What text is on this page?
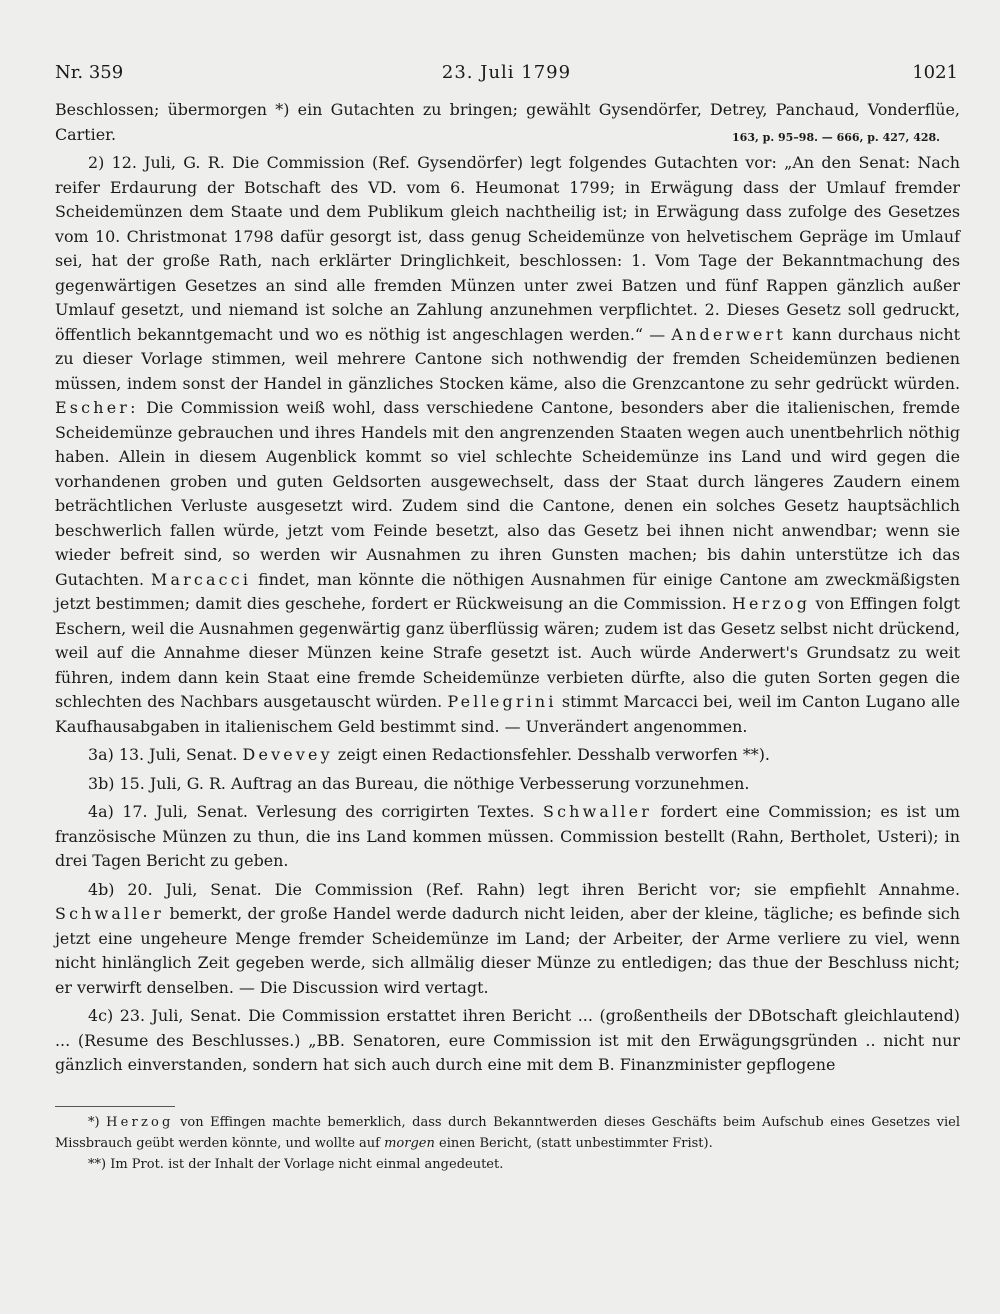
Nr. 359	23. Juli 1799	1021

Beschlossen; übermorgen *) ein Gutachten zu bringen; gewählt Gysendörfer, Detrey, Panchaud, Vonderflüe, Cartier.	163, p. 95–98. — 666, p. 427, 428.

2) 12. Juli, G. R. Die Commission (Ref. Gysendörfer) legt folgendes Gutachten vor: „An den Senat: Nach reifer Erdaurung der Botschaft des VD. vom 6. Heumonat 1799; in Erwägung dass der Umlauf fremder Scheidemünzen dem Staate und dem Publikum gleich nachtheilig ist; in Erwägung dass zufolge des Gesetzes vom 10. Christmonat 1798 dafür gesorgt ist, dass genug Scheidemünze von helvetischem Gepräge im Umlauf sei, hat der große Rath, nach erklärter Dringlichkeit, beschlossen: 1. Vom Tage der Bekanntmachung des gegenwärtigen Gesetzes an sind alle fremden Münzen unter zwei Batzen und fünf Rappen gänzlich außer Umlauf gesetzt, und niemand ist solche an Zahlung anzunehmen verpflichtet. 2. Dieses Gesetz soll gedruckt, öffentlich bekanntgemacht und wo es nöthig ist angeschlagen werden.“ — Anderwert kann durchaus nicht zu dieser Vorlage stimmen, weil mehrere Cantone sich nothwendig der fremden Scheidemünzen bedienen müssen, indem sonst der Handel in gänzliches Stocken käme, also die Grenzcantone zu sehr gedrückt würden. Escher: Die Commission weiß wohl, dass verschiedene Cantone, besonders aber die italienischen, fremde Scheidemünze gebrauchen und ihres Handels mit den angrenzenden Staaten wegen auch unentbehrlich nöthig haben. Allein in diesem Augenblick kommt so viel schlechte Scheidemünze ins Land und wird gegen die vorhandenen groben und guten Geldsorten ausgewechselt, dass der Staat durch längeres Zaudern einem beträchtlichen Verluste ausgesetzt wird. Zudem sind die Cantone, denen ein solches Gesetz hauptsächlich beschwerlich fallen würde, jetzt vom Feinde besetzt, also das Gesetz bei ihnen nicht anwendbar; wenn sie wieder befreit sind, so werden wir Ausnahmen zu ihren Gunsten machen; bis dahin unterstütze ich das Gutachten. Marcacci findet, man könnte die nöthigen Ausnahmen für einige Cantone am zweckmäßigsten jetzt bestimmen; damit dies geschehe, fordert er Rückweisung an die Commission. Herzog von Effingen folgt Eschern, weil die Ausnahmen gegenwärtig ganz überflüssig wären; zudem ist das Gesetz selbst nicht drückend, weil auf die Annahme dieser Münzen keine Strafe gesetzt ist. Auch würde Anderwert's Grundsatz zu weit führen, indem dann kein Staat eine fremde Scheidemünze verbieten dürfte, also die guten Sorten gegen die schlechten des Nachbars ausgetauscht würden. Pellegrini stimmt Marcacci bei, weil im Canton Lugano alle Kaufhausabgaben in italienischem Geld bestimmt sind. — Unverändert angenommen.

3a) 13. Juli, Senat. Devevey zeigt einen Redactionsfehler. Desshalb verworfen **).

3b) 15. Juli, G. R. Auftrag an das Bureau, die nöthige Verbesserung vorzunehmen.

4a) 17. Juli, Senat. Verlesung des corrigirten Textes. Schwaller fordert eine Commission; es ist um französische Münzen zu thun, die ins Land kommen müssen. Commission bestellt (Rahn, Bertholet, Usteri); in drei Tagen Bericht zu geben.

4b) 20. Juli, Senat. Die Commission (Ref. Rahn) legt ihren Bericht vor; sie empfiehlt Annahme. Schwaller bemerkt, der große Handel werde dadurch nicht leiden, aber der kleine, tägliche; es befinde sich jetzt eine ungeheure Menge fremder Scheidemünze im Land; der Arbeiter, der Arme verliere zu viel, wenn nicht hinlänglich Zeit gegeben werde, sich allmälig dieser Münze zu entledigen; das thue der Beschluss nicht; er verwirft denselben. — Die Discussion wird vertagt.

4c) 23. Juli, Senat. Die Commission erstattet ihren Bericht ... (großentheils der DBotschaft gleichlautend) ... (Resume des Beschlusses.) „BB. Senatoren, eure Commission ist mit den Erwägungsgründen .. nicht nur gänzlich einverstanden, sondern hat sich auch durch eine mit dem B. Finanzminister gepflogene

*) Herzog von Effingen machte bemerklich, dass durch Bekanntwerden dieses Geschäfts beim Aufschub eines Gesetzes viel Missbrauch geübt werden könnte, und wollte auf morgen einen Bericht, (statt unbestimmter Frist).

**) Im Prot. ist der Inhalt der Vorlage nicht einmal angedeutet.
